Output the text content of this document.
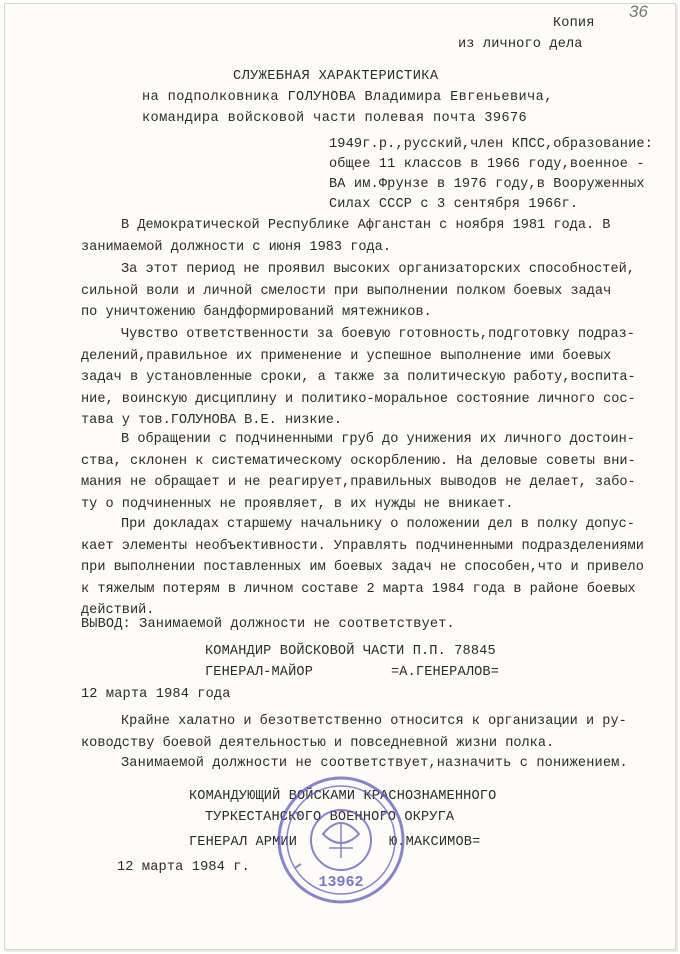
36
Копия
из личного дела
СЛУЖЕБНАЯ ХАРАКТЕРИСТИКА
на подполковника ГОЛУНОВА Владимира Евгеньевича,
командира войсковой части полевая почта 39676
1949г.р.,русский,член КПСС,образование:
общее 11 классов в 1966 году,военное -
ВА им.Фрунзе в 1976 году,в Вооруженных
Силах СССР с 3 сентября 1966г.
В Демократической Республике Афганстан с ноября 1981 года. В
занимаемой должности с июня 1983 года.
За этот период не проявил высоких организаторских способностей,
сильной воли и личной смелости при выполнении полком боевых задач
по уничтожению бандформирований мятежников.
Чувство ответственности за боевую готовность,подготовку подраз-
делений,правильное их применение и успешное выполнение ими боевых
задач в установленные сроки, а также за политическую работу,воспита-
ние, воинскую дисциплину и политико-моральное состояние личного сос-
тава у тов.ГОЛУНОВА В.Е. низкие.
В обращении с подчиненными груб до унижения их личного достоин-
ства, склонен к систематическому оскорблению. На деловые советы вни-
мания не обращает и не реагирует,правильных выводов не делает, забо-
ту о подчиненных не проявляет, в их нужды не вникает.
При докладах старшему начальнику о положении дел в полку допус-
кает элементы необъективности. Управлять подчиненными подразделениями
при выполнении поставленных им боевых задач не способен,что и привело
к тяжелым потерям в личном составе 2 марта 1984 года в районе боевых
действий.
ВЫВОД: Занимаемой должности не соответствует.
КОМАНДИР ВОЙСКОВОЙ ЧАСТИ П.П. 78845
ГЕНЕРАЛ-МАЙОР	=А.ГЕНЕРАЛОВ=
12 марта 1984 года
Крайне халатно и безответственно относится к организации и ру-
ководству боевой деятельностью и повседневной жизни полка.
Занимаемой должности не соответствует,назначить с понижением.
КОМАНДУЮЩИЙ ВОЙСКАМИ КРАСНОЗНАМЕННОГО
ТУРКЕСТАНСКОГО ВОЕННОГО ОКРУГА
ГЕНЕРАЛ АРМИИ	Ю.МАКСИМОВ=
12 марта 1984 г.
13962
